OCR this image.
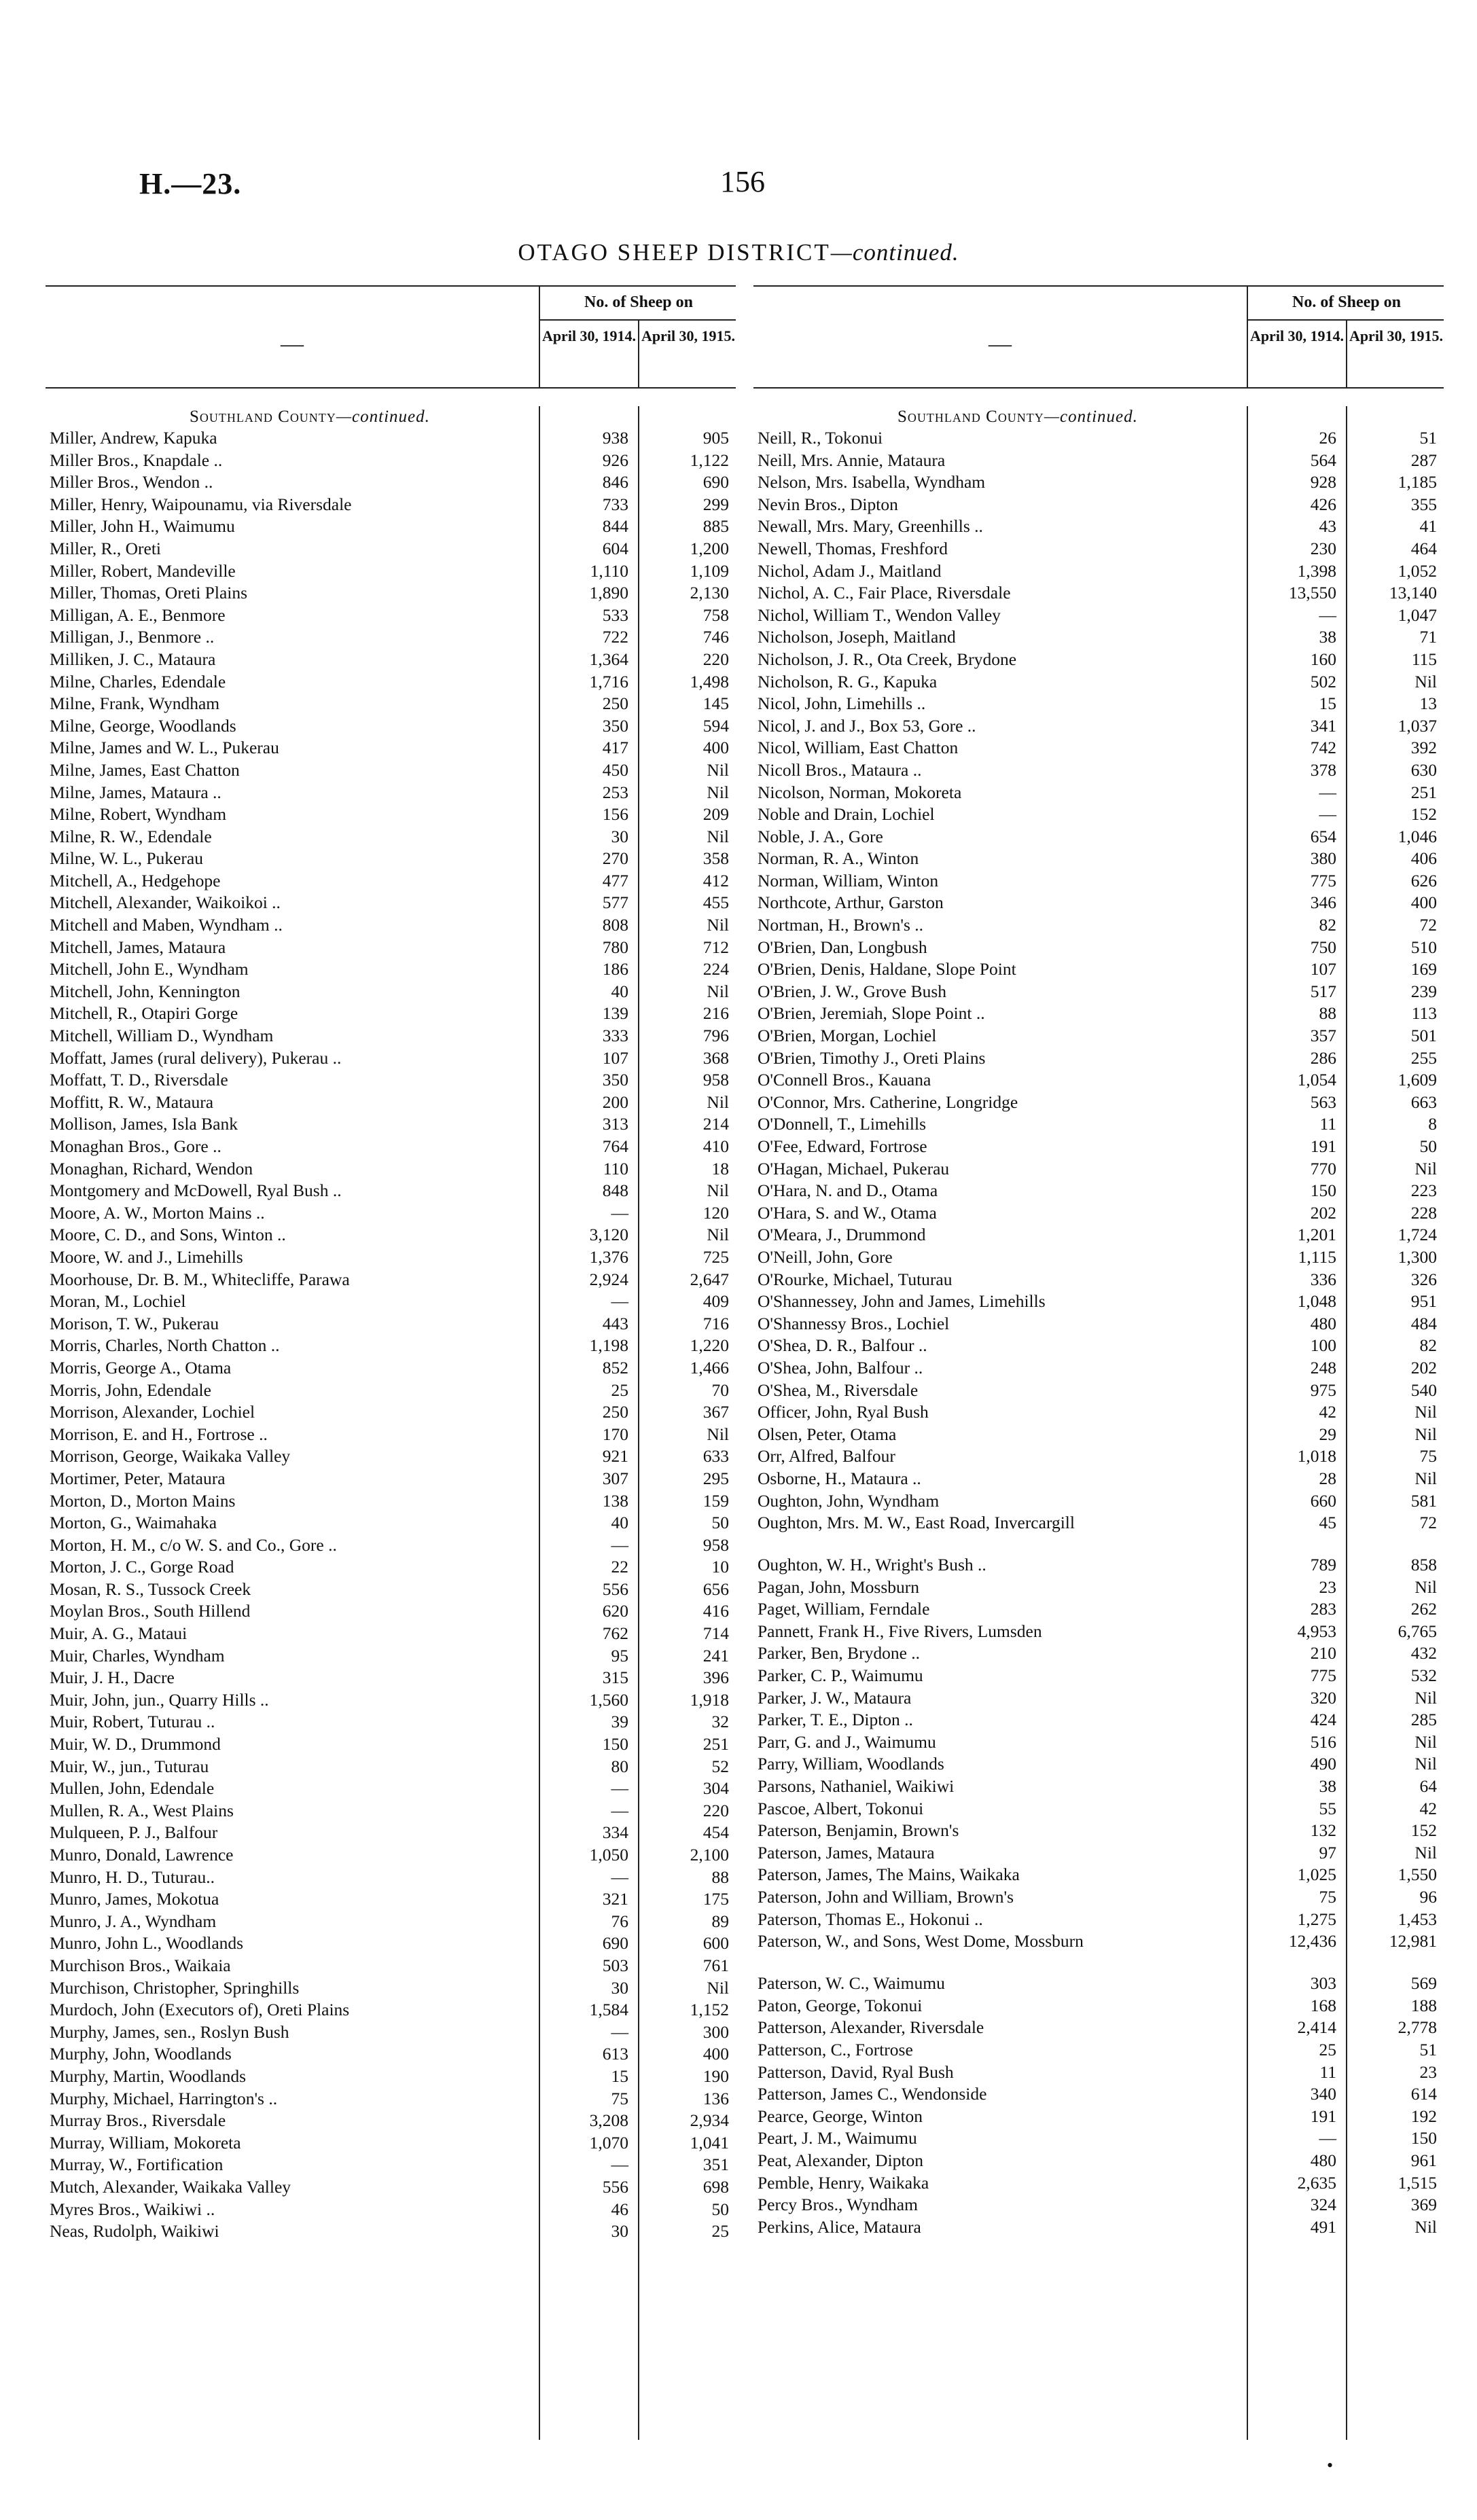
H.—23.	156
OTAGO SHEEP DISTRICT—continued.
—
No. of Sheep on
April 30, 1914. April 30, 1915.
Southland County—continued.
Miller, Andrew, Kapuka	938	905
Miller Bros., Knapdale ..	926	1,122
Miller Bros., Wendon ..	846	690
Miller, Henry, Waipounamu, via Riversdale	733	299
Miller, John H., Waimumu	844	885
Miller, R., Oreti	604	1,200
Miller, Robert, Mandeville	1,110	1,109
Miller, Thomas, Oreti Plains	1,890	2,130
Milligan, A. E., Benmore	533	758
Milligan, J., Benmore ..	722	746
Milliken, J. C., Mataura	1,364	220
Milne, Charles, Edendale	1,716	1,498
Milne, Frank, Wyndham	250	145
Milne, George, Woodlands	350	594
Milne, James and W. L., Pukerau	417	400
Milne, James, East Chatton	450	Nil
Milne, James, Mataura ..	253	Nil
Milne, Robert, Wyndham	156	209
Milne, R. W., Edendale	30	Nil
Milne, W. L., Pukerau	270	358
Mitchell, A., Hedgehope	477	412
Mitchell, Alexander, Waikoikoi ..	577	455
Mitchell and Maben, Wyndham ..	808	Nil
Mitchell, James, Mataura	780	712
Mitchell, John E., Wyndham	186	224
Mitchell, John, Kennington	40	Nil
Mitchell, R., Otapiri Gorge	139	216
Mitchell, William D., Wyndham	333	796
Moffatt, James (rural delivery), Pukerau ..	107	368
Moffatt, T. D., Riversdale	350	958
Moffitt, R. W., Mataura	200	Nil
Mollison, James, Isla Bank	313	214
Monaghan Bros., Gore ..	764	410
Monaghan, Richard, Wendon	110	18
Montgomery and McDowell, Ryal Bush ..	848	Nil
Moore, A. W., Morton Mains ..	—	120
Moore, C. D., and Sons, Winton ..	3,120	Nil
Moore, W. and J., Limehills	1,376	725
Moorhouse, Dr. B. M., Whitecliffe, Parawa	2,924	2,647
Moran, M., Lochiel	—	409
Morison, T. W., Pukerau	443	716
Morris, Charles, North Chatton ..	1,198	1,220
Morris, George A., Otama	852	1,466
Morris, John, Edendale	25	70
Morrison, Alexander, Lochiel	250	367
Morrison, E. and H., Fortrose ..	170	Nil
Morrison, George, Waikaka Valley	921	633
Mortimer, Peter, Mataura	307	295
Morton, D., Morton Mains	138	159
Morton, G., Waimahaka	40	50
Morton, H. M., c/o W. S. and Co., Gore ..	—	958
Morton, J. C., Gorge Road	22	10
Mosan, R. S., Tussock Creek	556	656
Moylan Bros., South Hillend	620	416
Muir, A. G., Mataui	762	714
Muir, Charles, Wyndham	95	241
Muir, J. H., Dacre	315	396
Muir, John, jun., Quarry Hills ..	1,560	1,918
Muir, Robert, Tuturau ..	39	32
Muir, W. D., Drummond	150	251
Muir, W., jun., Tuturau	80	52
Mullen, John, Edendale	—	304
Mullen, R. A., West Plains	—	220
Mulqueen, P. J., Balfour	334	454
Munro, Donald, Lawrence	1,050	2,100
Munro, H. D., Tuturau..	—	88
Munro, James, Mokotua	321	175
Munro, J. A., Wyndham	76	89
Munro, John L., Woodlands	690	600
Murchison Bros., Waikaia	503	761
Murchison, Christopher, Springhills	30	Nil
Murdoch, John (Executors of), Oreti Plains	1,584	1,152
Murphy, James, sen., Roslyn Bush	—	300
Murphy, John, Woodlands	613	400
Murphy, Martin, Woodlands	15	190
Murphy, Michael, Harrington's ..	75	136
Murray Bros., Riversdale	3,208	2,934
Murray, William, Mokoreta	1,070	1,041
Murray, W., Fortification	—	351
Mutch, Alexander, Waikaka Valley	556	698
Myres Bros., Waikiwi ..	46	50
Neas, Rudolph, Waikiwi	30	25
—
No. of Sheep on
April 30, 1914. April 30, 1915.
Southland County—continued.
Neill, R., Tokonui	26	51
Neill, Mrs. Annie, Mataura	564	287
Nelson, Mrs. Isabella, Wyndham	928	1,185
Nevin Bros., Dipton	426	355
Newall, Mrs. Mary, Greenhills ..	43	41
Newell, Thomas, Freshford	230	464
Nichol, Adam J., Maitland	1,398	1,052
Nichol, A. C., Fair Place, Riversdale	13,550	13,140
Nichol, William T., Wendon Valley	—	1,047
Nicholson, Joseph, Maitland	38	71
Nicholson, J. R., Ota Creek, Brydone	160	115
Nicholson, R. G., Kapuka	502	Nil
Nicol, John, Limehills ..	15	13
Nicol, J. and J., Box 53, Gore ..	341	1,037
Nicol, William, East Chatton	742	392
Nicoll Bros., Mataura ..	378	630
Nicolson, Norman, Mokoreta	—	251
Noble and Drain, Lochiel	—	152
Noble, J. A., Gore	654	1,046
Norman, R. A., Winton	380	406
Norman, William, Winton	775	626
Northcote, Arthur, Garston	346	400
Nortman, H., Brown's ..	82	72
O'Brien, Dan, Longbush	750	510
O'Brien, Denis, Haldane, Slope Point	107	169
O'Brien, J. W., Grove Bush	517	239
O'Brien, Jeremiah, Slope Point ..	88	113
O'Brien, Morgan, Lochiel	357	501
O'Brien, Timothy J., Oreti Plains	286	255
O'Connell Bros., Kauana	1,054	1,609
O'Connor, Mrs. Catherine, Longridge	563	663
O'Donnell, T., Limehills	11	8
O'Fee, Edward, Fortrose	191	50
O'Hagan, Michael, Pukerau	770	Nil
O'Hara, N. and D., Otama	150	223
O'Hara, S. and W., Otama	202	228
O'Meara, J., Drummond	1,201	1,724
O'Neill, John, Gore	1,115	1,300
O'Rourke, Michael, Tuturau	336	326
O'Shannessey, John and James, Limehills	1,048	951
O'Shannessy Bros., Lochiel	480	484
O'Shea, D. R., Balfour ..	100	82
O'Shea, John, Balfour ..	248	202
O'Shea, M., Riversdale	975	540
Officer, John, Ryal Bush	42	Nil
Olsen, Peter, Otama	29	Nil
Orr, Alfred, Balfour	1,018	75
Osborne, H., Mataura ..	28	Nil
Oughton, John, Wyndham	660	581
Oughton, Mrs. M. W., East Road, Invercargill	45	72
Oughton, W. H., Wright's Bush ..	789	858
Pagan, John, Mossburn	23	Nil
Paget, William, Ferndale	283	262
Pannett, Frank H., Five Rivers, Lumsden	4,953	6,765
Parker, Ben, Brydone ..	210	432
Parker, C. P., Waimumu	775	532
Parker, J. W., Mataura	320	Nil
Parker, T. E., Dipton ..	424	285
Parr, G. and J., Waimumu	516	Nil
Parry, William, Woodlands	490	Nil
Parsons, Nathaniel, Waikiwi	38	64
Pascoe, Albert, Tokonui	55	42
Paterson, Benjamin, Brown's	132	152
Paterson, James, Mataura	97	Nil
Paterson, James, The Mains, Waikaka	1,025	1,550
Paterson, John and William, Brown's	75	96
Paterson, Thomas E., Hokonui ..	1,275	1,453
Paterson, W., and Sons, West Dome, Mossburn	12,436	12,981
Paterson, W. C., Waimumu	303	569
Paton, George, Tokonui	168	188
Patterson, Alexander, Riversdale	2,414	2,778
Patterson, C., Fortrose	25	51
Patterson, David, Ryal Bush	11	23
Patterson, James C., Wendonside	340	614
Pearce, George, Winton	191	192
Peart, J. M., Waimumu	—	150
Peat, Alexander, Dipton	480	961
Pemble, Henry, Waikaka	2,635	1,515
Percy Bros., Wyndham	324	369
Perkins, Alice, Mataura	491	Nil
•
